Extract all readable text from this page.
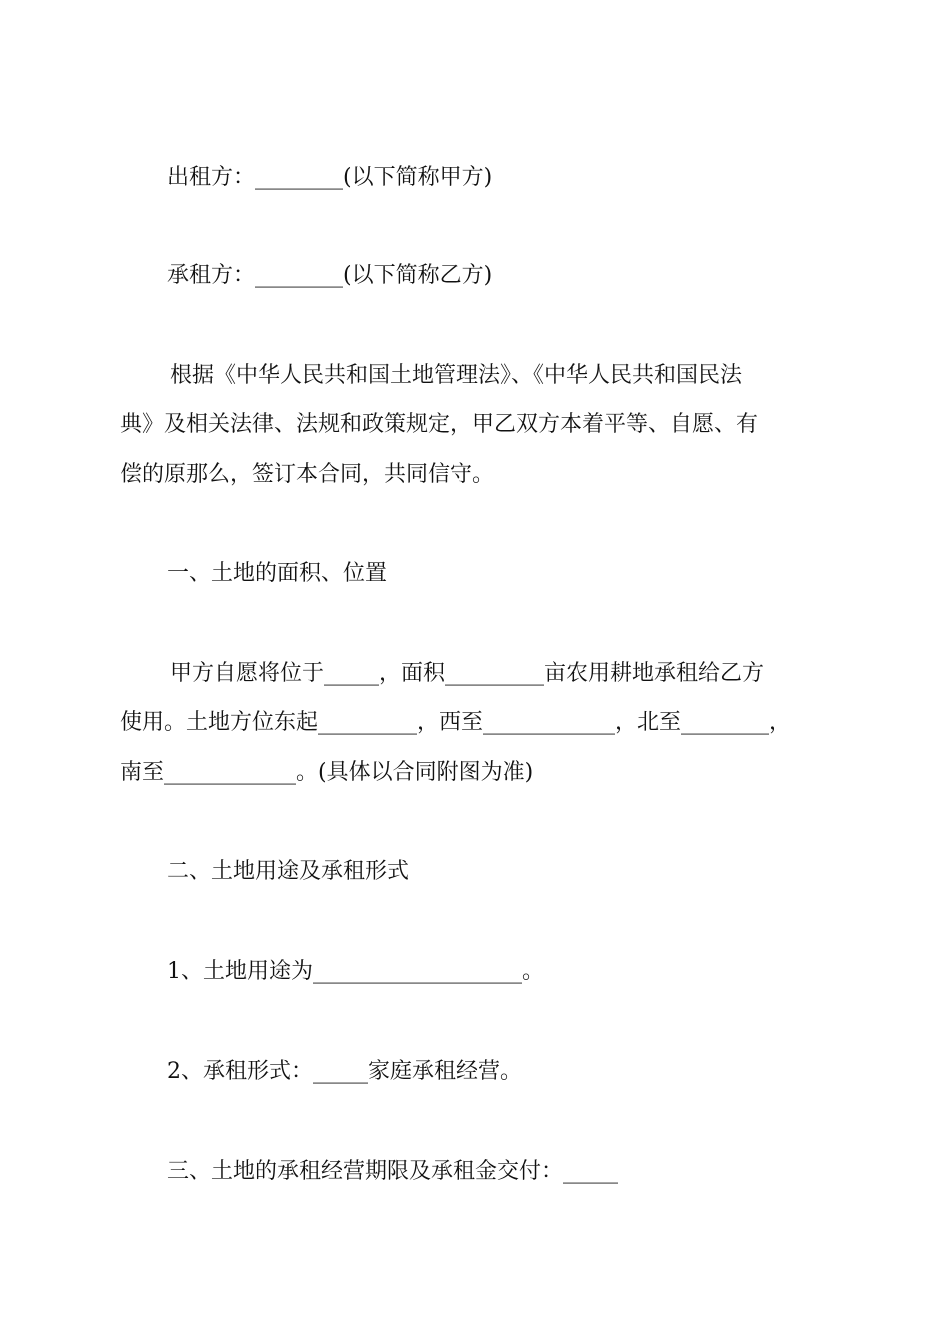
出租方：________(以下简称甲方)
承租方：________(以下简称乙方)
根据《中华人民共和国土地管理法》、《中华人民共和国民法
典》及相关法律、法规和政策规定，甲乙双方本着平等、自愿、有
偿的原那么，签订本合同，共同信守。
一、土地的面积、位置
甲方自愿将位于_____，面积_________亩农用耕地承租给乙方
使用。土地方位东起_________，西至____________，北至________，
南至____________。(具体以合同附图为准)
二、土地用途及承租形式
1、土地用途为___________________。
2、承租形式：_____家庭承租经营。
三、土地的承租经营期限及承租金交付：_____
